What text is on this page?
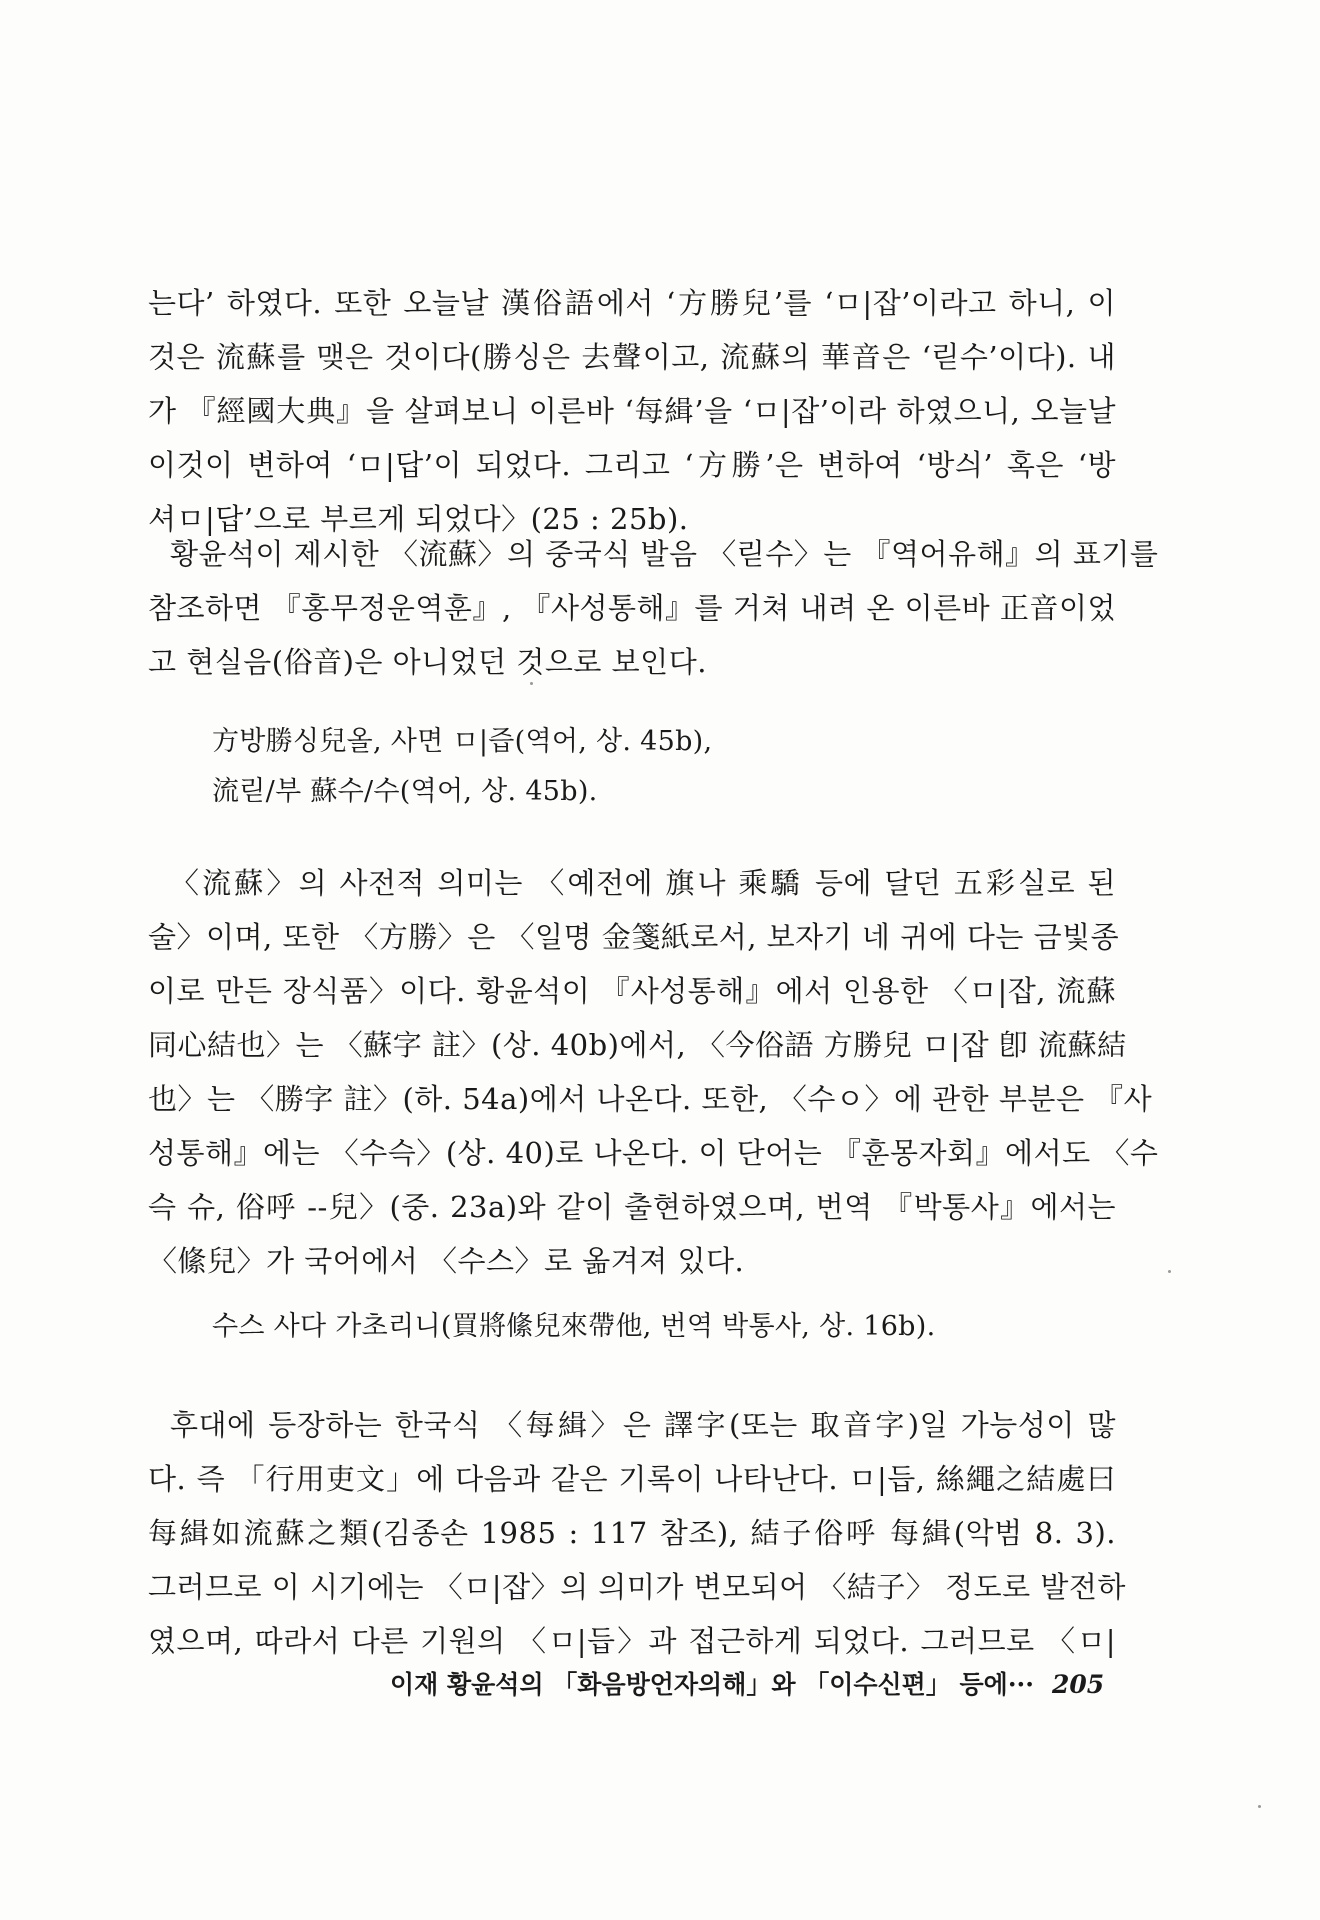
는다’ 하였다. 또한 오늘날 漢俗語에서 ‘方勝兒’를 ‘ㅁ|잡’이라고 하니, 이
것은 流蘇를 맺은 것이다(勝싱은 去聲이고, 流蘇의 華音은 ‘릳수’이다). 내
가 『經國大典』을 살펴보니 이른바 ‘每緝’을 ‘ㅁ|잡’이라 하였으니, 오늘날
이것이 변하여 ‘ㅁ|답’이 되었다. 그리고 ‘方勝’은 변하여 ‘방싀’ 혹은 ‘방
셔ㅁ|답’으로 부르게 되었다〉(25 : 25b).

황윤석이 제시한 〈流蘇〉의 중국식 발음 〈릳수〉는 『역어유해』의 표기를
참조하면 『홍무정운역훈』, 『사성통해』를 거쳐 내려 온 이른바 正音이었
고 현실음(俗音)은 아니었던 것으로 보인다.

方방勝싱兒올, 사면 ㅁ|즙(역어, 상. 45b),
流릳/부 蘇수/수(역어, 상. 45b).

〈流蘇〉의 사전적 의미는 〈예전에 旗나 乘驕 등에 달던 五彩실로 된
술〉이며, 또한 〈方勝〉은 〈일명 金箋紙로서, 보자기 네 귀에 다는 금빛종
이로 만든 장식품〉이다. 황윤석이 『사성통해』에서 인용한 〈ㅁ|잡, 流蘇
同心結也〉는 〈蘇字 註〉(상. 40b)에서, 〈今俗語 方勝兒 ㅁ|잡 卽 流蘇結
也〉는 〈勝字 註〉(하. 54a)에서 나온다. 또한, 〈수ㅇ〉에 관한 부분은 『사
성통해』에는 〈수슥〉(상. 40)로 나온다. 이 단어는 『훈몽자회』에서도 〈수
슥 슈, 俗呼 --兒〉(중. 23a)와 같이 출현하였으며, 번역 『박통사』에서는
〈絛兒〉가 국어에서 〈수스〉로 옮겨져 있다.

수스 사다 가초리니(買將絛兒來帶他, 번역 박통사, 상. 16b).

후대에 등장하는 한국식 〈每緝〉은 譯字(또는 取音字)일 가능성이 많
다. 즉 「行用吏文」에 다음과 같은 기록이 나타난다. ㅁ|듭, 絲繩之結處曰
每緝如流蘇之類(김종손 1985 : 117 참조), 結子俗呼 每緝(악범 8. 3).
그러므로 이 시기에는 〈ㅁ|잡〉의 의미가 변모되어 〈結子〉 정도로 발전하
였으며, 따라서 다른 기원의 〈ㅁ|듭〉과 접근하게 되었다. 그러므로 〈ㅁ|

이재 황윤석의 「화음방언자의해」와 「이수신편」 등에··· 205
